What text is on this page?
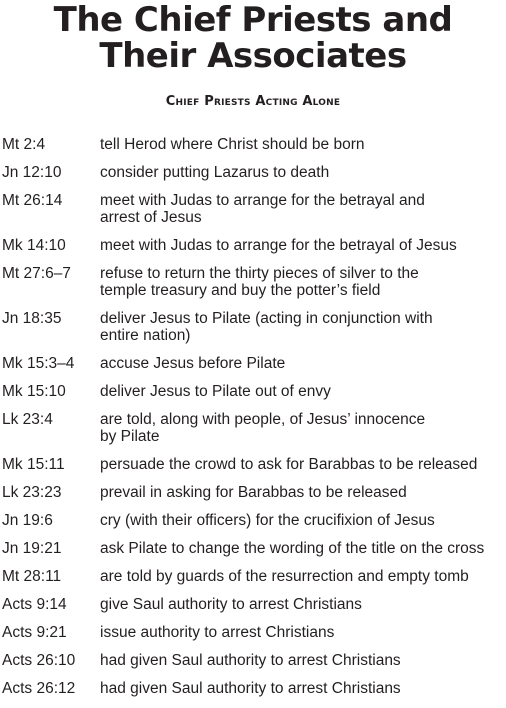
The Chief Priests and
Their Associates
Chief Priests Acting Alone
Mt 2:4	tell Herod where Christ should be born
Jn 12:10	consider putting Lazarus to death
Mt 26:14	meet with Judas to arrange for the betrayal and
arrest of Jesus
Mk 14:10	meet with Judas to arrange for the betrayal of Jesus
Mt 27:6–7	refuse to return the thirty pieces of silver to the
temple treasury and buy the potter’s field
Jn 18:35	deliver Jesus to Pilate (acting in conjunction with
entire nation)
Mk 15:3–4	accuse Jesus before Pilate
Mk 15:10	deliver Jesus to Pilate out of envy
Lk 23:4	are told, along with people, of Jesus’ innocence
by Pilate
Mk 15:11	persuade the crowd to ask for Barabbas to be released
Lk 23:23	prevail in asking for Barabbas to be released
Jn 19:6	cry (with their officers) for the crucifixion of Jesus
Jn 19:21	ask Pilate to change the wording of the title on the cross
Mt 28:11	are told by guards of the resurrection and empty tomb
Acts 9:14	give Saul authority to arrest Christians
Acts 9:21	issue authority to arrest Christians
Acts 26:10	had given Saul authority to arrest Christians
Acts 26:12	had given Saul authority to arrest Christians
